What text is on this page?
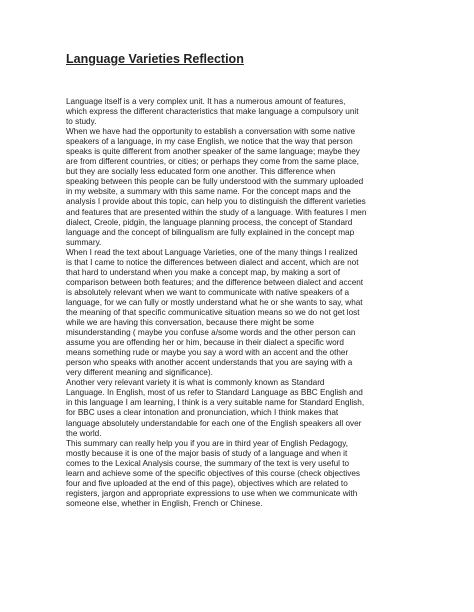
Language Varieties Reflection
Language itself is a very complex unit. It has a numerous amount of features,
which express the different characteristics that make language a compulsory unit
to study.
When we have had the opportunity to establish a conversation with some native
speakers of a language, in my case English, we notice that the way that person
speaks is quite different from another speaker of the same language; maybe they
are from different countries, or cities; or perhaps they come from the same place,
but they are socially less educated form one another. This difference when
speaking between this people can be fully understood with the summary uploaded
in my website, a summary with this same name. For the concept maps and the
analysis I provide about this topic, can help you to distinguish the different varieties
and features that are presented within the study of a language. With features I men
dialect, Creole, pidgin, the language planning process, the concept of Standard
language and the concept of bilingualism are fully explained in the concept map
summary.
When I read the text about Language Varieties, one of the many things I realized
is that I came to notice the differences between dialect and accent, which are not
that hard to understand when you make a concept map, by making a sort of
comparison between both features; and the difference between dialect and accent
is absolutely relevant when we want to communicate with native speakers of a
language, for we can fully or mostly understand what he or she wants to say, what
the meaning of that specific communicative situation means so we do not get lost
while we are having this conversation, because there might be some
misunderstanding ( maybe you confuse a/some words and the other person can
assume you are offending her or him, because in their dialect a specific word
means something rude or maybe you say a word with an accent and the other
person who speaks with another accent understands that you are saying with a
very different meaning and significance).
Another very relevant variety it is what is commonly known as Standard
Language. In English, most of us refer to Standard Language as BBC English and
in this language I am learning, I think is a very suitable name for Standard English,
for BBC uses a clear intonation and pronunciation, which I think makes that
language absolutely understandable for each one of the English speakers all over
the world.
This summary can really help you if you are in third year of English Pedagogy,
mostly because it is one of the major basis of study of a language and when it
comes to the Lexical Analysis course, the summary of the text is very useful to
learn and achieve some of the specific objectives of this course (check objectives
four and five uploaded at the end of this page), objectives which are related to
registers, jargon and appropriate expressions to use when we communicate with
someone else, whether in English, French or Chinese.
